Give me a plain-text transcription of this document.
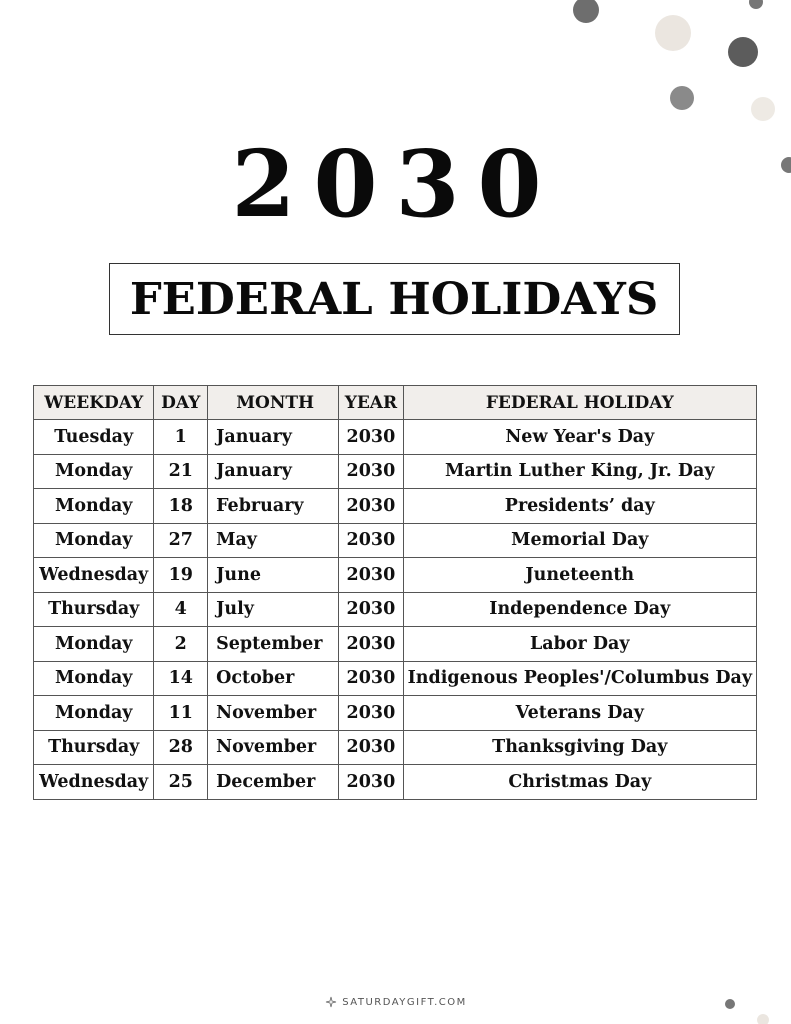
2030
FEDERAL HOLIDAYS
WEEKDAY	DAY	MONTH	YEAR	FEDERAL HOLIDAY
Tuesday	1	January	2030	New Year's Day
Monday	21	January	2030	Martin Luther King, Jr. Day
Monday	18	February	2030	Presidents’ day
Monday	27	May	2030	Memorial Day
Wednesday	19	June	2030	Juneteenth
Thursday	4	July	2030	Independence Day
Monday	2	September	2030	Labor Day
Monday	14	October	2030	Indigenous Peoples'/Columbus Day
Monday	11	November	2030	Veterans Day
Thursday	28	November	2030	Thanksgiving Day
Wednesday	25	December	2030	Christmas Day
SATURDAYGIFT.COM
